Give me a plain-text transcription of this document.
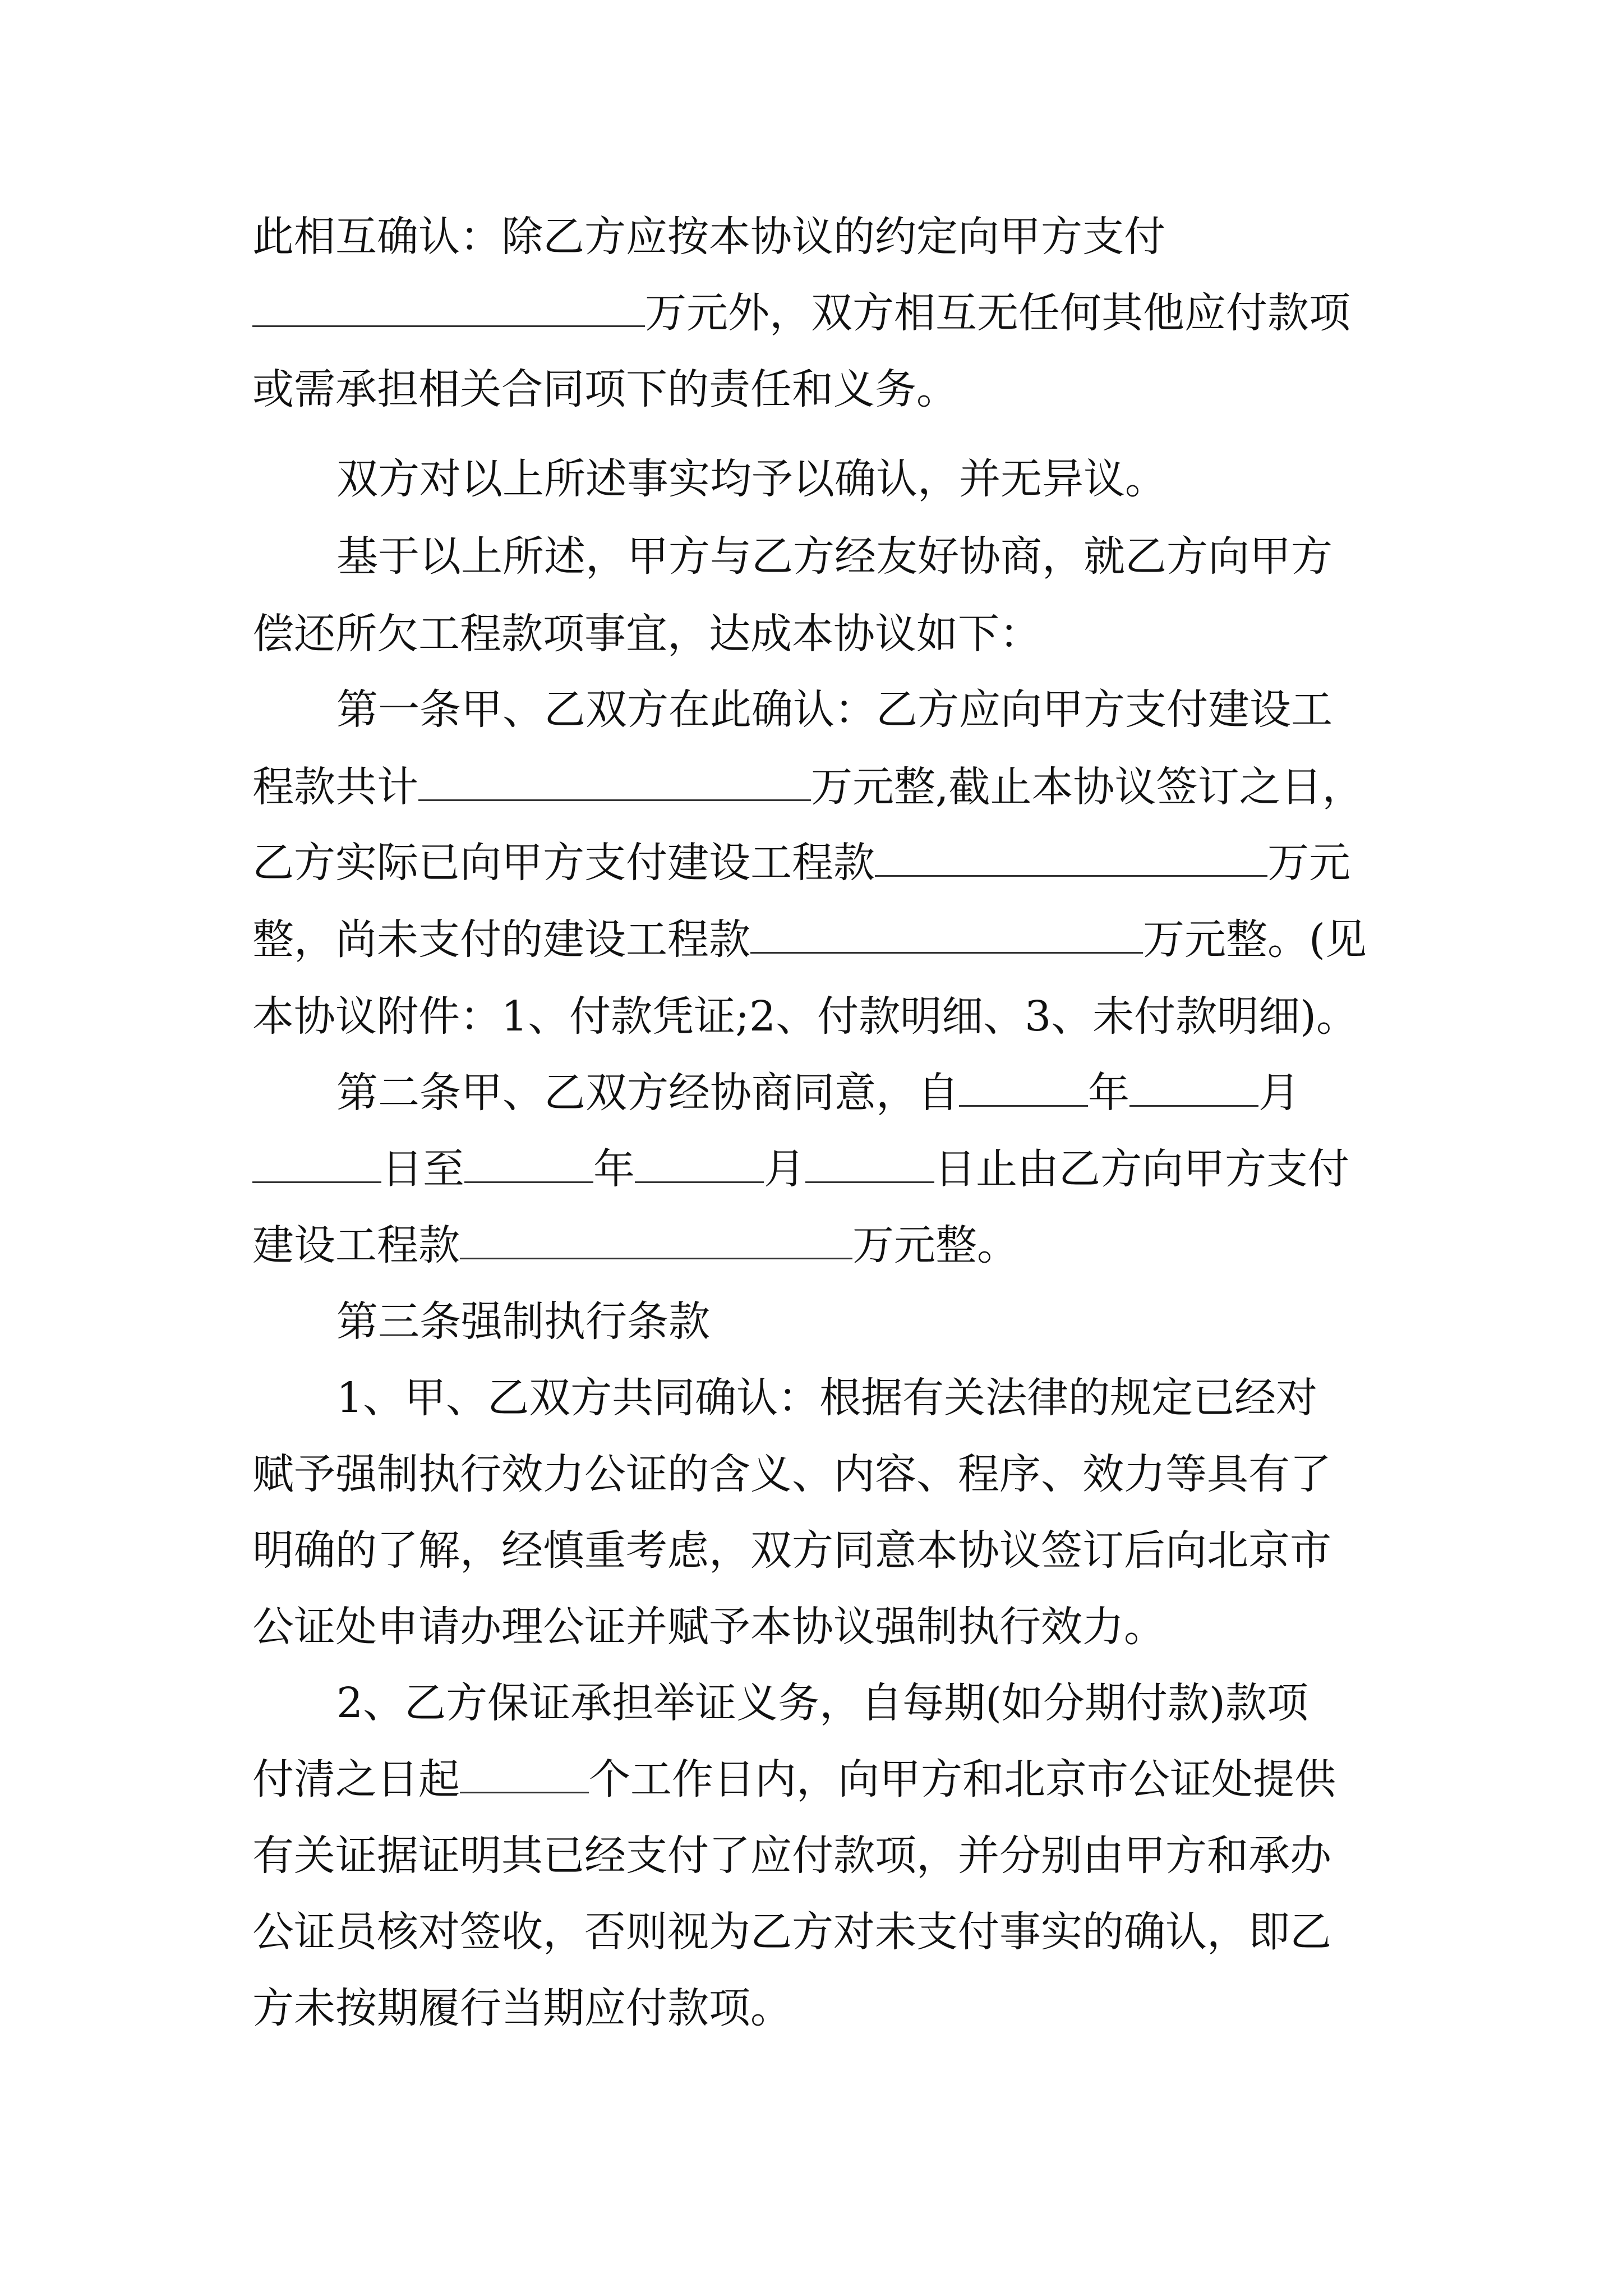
此相互确认：除乙方应按本协议的约定向甲方支付
万元外，双方相互无任何其他应付款项
或需承担相关合同项下的责任和义务。
双方对以上所述事实均予以确认，并无异议。
基于以上所述，甲方与乙方经友好协商，就乙方向甲方
偿还所欠工程款项事宜，达成本协议如下：
第一条甲、乙双方在此确认：乙方应向甲方支付建设工
程款共计	万元整,截止本协议签订之日，
乙方实际已向甲方支付建设工程款	万元
整，尚未支付的建设工程款	万元整。(见
本协议附件：1、付款凭证;2、付款明细、3、未付款明细)。
第二条甲、乙双方经协商同意，自	年	月
日至	年	月	日止由乙方向甲方支付
建设工程款	万元整。
第三条强制执行条款
1、甲、乙双方共同确认：根据有关法律的规定已经对
赋予强制执行效力公证的含义、内容、程序、效力等具有了
明确的了解，经慎重考虑，双方同意本协议签订后向北京市
公证处申请办理公证并赋予本协议强制执行效力。
2、乙方保证承担举证义务，自每期(如分期付款)款项
付清之日起	个工作日内，向甲方和北京市公证处提供
有关证据证明其已经支付了应付款项，并分别由甲方和承办
公证员核对签收，否则视为乙方对未支付事实的确认，即乙
方未按期履行当期应付款项。
